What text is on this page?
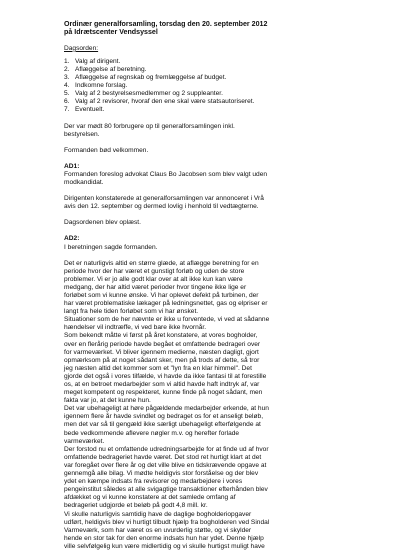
Ordinær generalforsamling, torsdag den 20. september 2012
på Idrætscenter Vendsyssel
Dagsorden:
1. Valg af dirigent.
2. Aflæggelse af beretning.
3. Aflæggelse af regnskab og fremlæggelse af budget.
4. Indkomne forslag.
5. Valg af 2 bestyrelsesmedlemmer og 2 suppleanter.
6. Valg af 2 revisorer, hvoraf den ene skal være statsautoriseret.
7. Eventuelt.
Der var mødt 80 forbrugere op til generalforsamlingen inkl.
bestyrelsen.
Formanden bød velkommen.
AD1:
Formanden foreslog advokat Claus Bo Jacobsen som blev valgt uden
modkandidat.
Dirigenten konstaterede at generalforsamlingen var annonceret i Vrå
avis den 12. september og dermed lovlig i henhold til vedtægterne.
Dagsordenen blev oplæst.
AD2:
I beretningen sagde formanden.
Det er naturligvis altid en større glæde, at aflægge beretning for en
periode hvor der har været et gunstigt forløb og uden de store
problemer. Vi er jo alle godt klar over at alt ikke kun kan være
medgang, der har altid været perioder hvor tingene ikke lige er
forløbet som vi kunne ønske. Vi har oplevet defekt på turbinen, der
har været problematiske lækager på ledningsnettet, gas og elpriser er
langt fra hele tiden forløbet som vi har ønsket.
Situationer som de her nævnte er ikke u forventede, vi ved at sådanne
hændelser vil indtræffe, vi ved bare ikke hvornår.
Som bekendt måtte vi først på året konstatere, at vores bogholder,
over en flerårig periode havde begået et omfattende bedrageri over
for varmeværket. Vi bliver igennem medierne, næsten dagligt, gjort
opmærksom på at noget sådant sker, men på trods af dette, så tror
jeg næsten altid det kommer som et "lyn fra en klar himmel". Det
gjorde det også i vores tilfælde, vi havde da ikke fantasi til at forestille
os, at en betroet medarbejder som vi altid havde haft indtryk af, var
meget kompetent og respekteret, kunne finde på noget sådant, men
fakta var jo, at det kunne hun.
Det var ubehageligt at høre pågældende medarbejder erkende, at hun
igennem flere år havde svindlet og bedraget os for et anseligt beløb,
men det var så til gengæld ikke særligt ubehageligt efterfølgende at
bede vedkommende aflevere nøgler m.v. og herefter forlade
varmeværket.
Der forstod nu et omfattende udredningsarbejde for at finde ud af hvor
omfattende bedrageriet havde været. Det stod ret hurtigt klart at det
var foregået over flere år og det ville blive en tidskrævende opgave at
gennemgå alle bilag. Vi mødte heldigvis stor forståelse og der blev
ydet en kæmpe indsats fra revisorer og medarbejdere i vores
pengeinstitut således at alle svigagtige transaktioner efterhånden blev
afdækket og vi kunne konstatere at det samlede omfang af
bedrageriet udgjorde et beløb på godt 4,8 mill. kr.
Vi skulle naturligvis samtidig have de daglige bogholderiopgaver
udført, heldigvis blev vi hurtigt tilbudt hjælp fra bogholderen ved Sindal
Varmeværk, som har været os en uvurderlig støtte, og vi skylder
hende en stor tak for den enorme indsats hun har ydet. Denne hjælp
ville selvfølgelig kun være midlertidig og vi skulle hurtigst muligt have
